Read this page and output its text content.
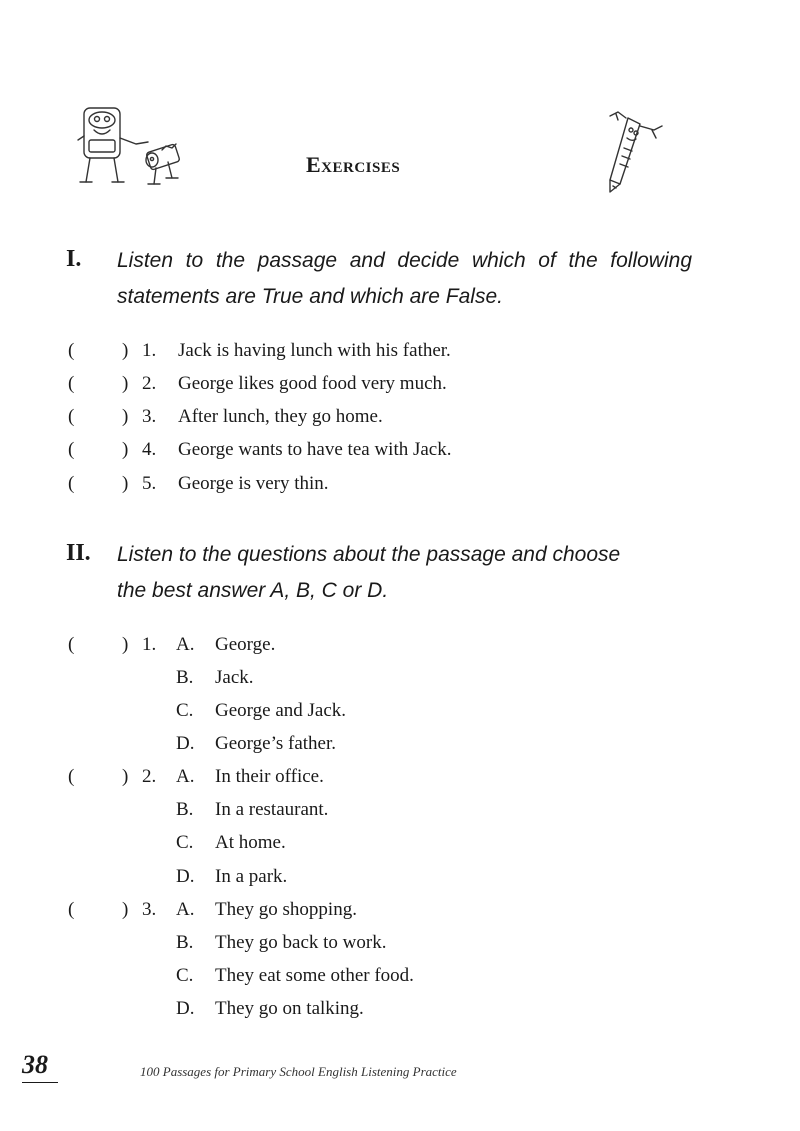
Exercises
I. Listen to the passage and decide which of the following statements are True and which are False.
(	) 1. Jack is having lunch with his father.
(	) 2. George likes good food very much.
(	) 3. After lunch, they go home.
(	) 4. George wants to have tea with Jack.
(	) 5. George is very thin.
II. Listen to the questions about the passage and choose
the best answer A, B, C or D.
(	) 1. A. George.
B. Jack.
C. George and Jack.
D. George’s father.
(	) 2. A. In their office.
B. In a restaurant.
C. At home.
D. In a park.
(	) 3. A. They go shopping.
B. They go back to work.
C. They eat some other food.
D. They go on talking.
38	100 Passages for Primary School English Listening Practice
